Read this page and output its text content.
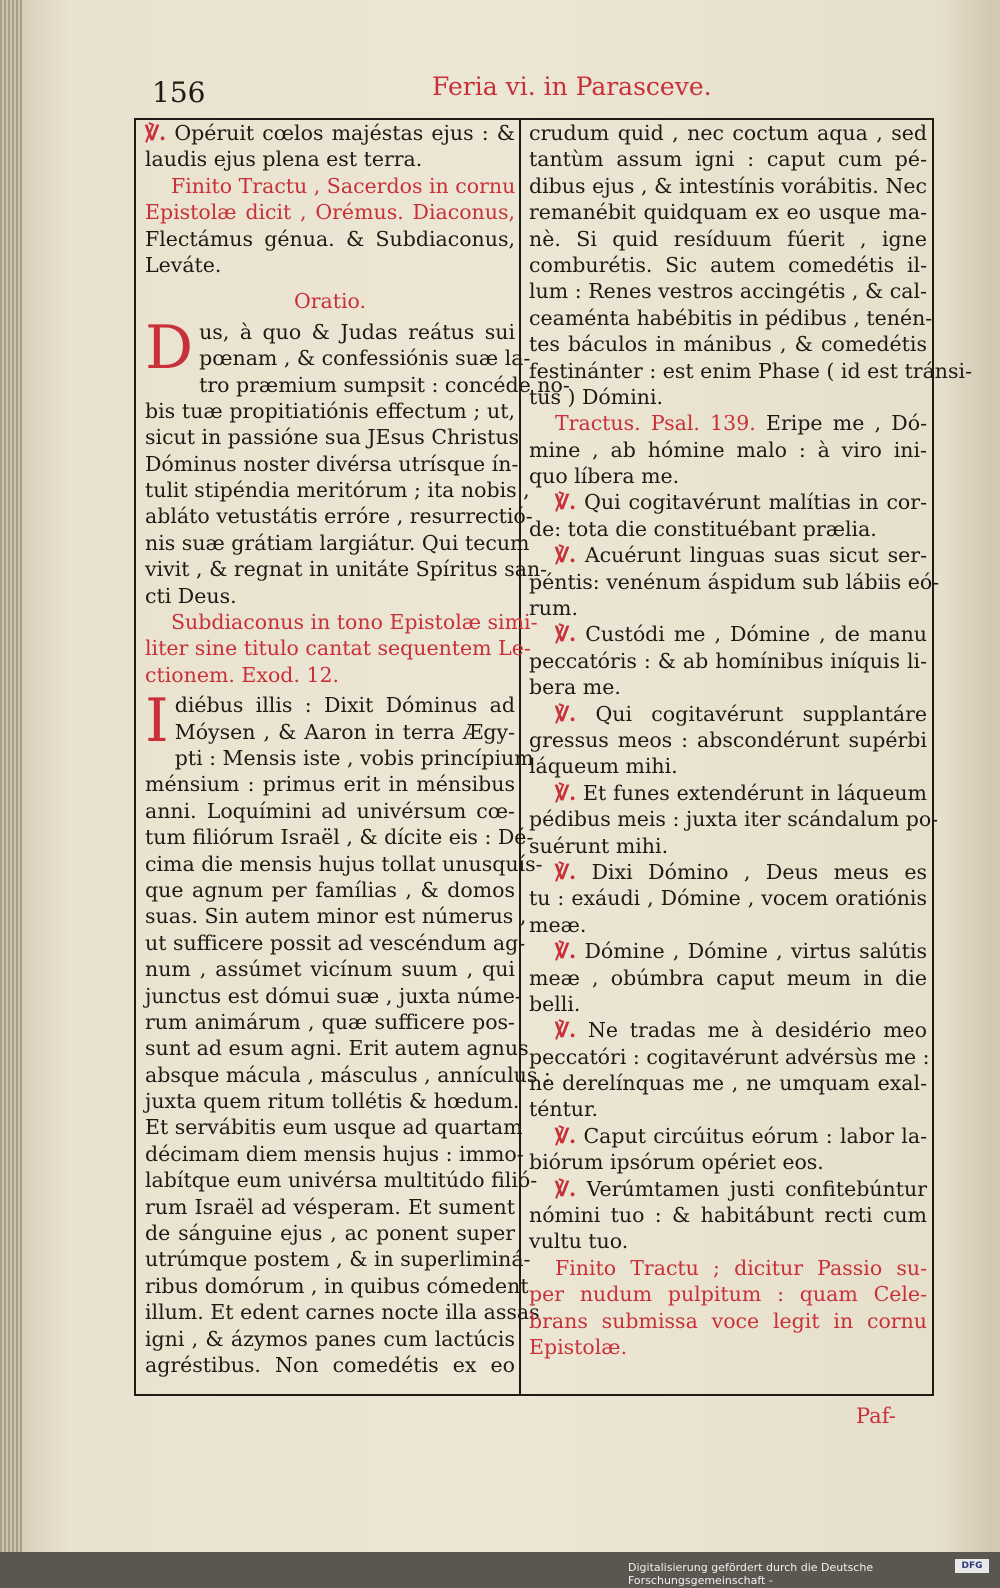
156	Feria vi. in Parasceve.
℣. Opéruit cœlos majéstas ejus : &
laudis ejus plena est terra.
Finito Tractu , Sacerdos in cornu
Epistolæ dicit , Orémus. Diaconus,
Flectámus génua. & Subdiaconus,
Leváte.
Oratio.
D us, à quo & Judas reátus sui
pœnam , & confessiónis suæ la-
tro præmium sumpsit : concéde no-
bis tuæ propitiatiónis effectum ; ut,
sicut in passióne sua JEsus Christus
Dóminus noster divérsa utrísque ín-
tulit stipéndia meritórum ; ita nobis ,
abláto vetustátis erróre , resurrectió-
nis suæ grátiam largiátur. Qui tecum
vivit , & regnat in unitáte Spíritus san-
cti Deus.
Subdiaconus in tono Epistolæ simi-
liter sine titulo cantat sequentem Le-
ctionem. Exod. 12.
I diébus illis : Dixit Dóminus ad
Móysen , & Aaron in terra Ægy-
pti : Mensis iste , vobis princípium
ménsium : primus erit in ménsibus
anni. Loquímini ad univérsum cœ-
tum filiórum Israël , & dícite eis : Dé-
cima die mensis hujus tollat unusquís-
que agnum per famílias , & domos
suas. Sin autem minor est númerus ,
ut sufficere possit ad vescéndum ag-
num , assúmet vicínum suum , qui
junctus est dómui suæ , juxta núme-
rum animárum , quæ sufficere pos-
sunt ad esum agni. Erit autem agnus
absque mácula , másculus , annículus :
juxta quem ritum tollétis & hœdum.
Et servábitis eum usque ad quartam
décimam diem mensis hujus : immo-
labítque eum univérsa multitúdo filió-
rum Israël ad vésperam. Et sument
de sánguine ejus , ac ponent super
utrúmque postem , & in superliminá-
ribus domórum , in quibus cómedent
illum. Et edent carnes nocte illa assas
igni , & ázymos panes cum lactúcis
agréstibus. Non comedétis ex eo
crudum quid , nec coctum aqua , sed
tantùm assum igni : caput cum pé-
dibus ejus , & intestínis vorábitis. Nec
remanébit quidquam ex eo usque ma-
nè. Si quid resíduum fúerit , igne
comburétis. Sic autem comedétis il-
lum : Renes vestros accingétis , & cal-
ceaménta habébitis in pédibus , tenén-
tes báculos in mánibus , & comedétis
festinánter : est enim Phase ( id est tránsi-
tus ) Dómini.
Tractus. Psal. 139. Eripe me , Dó-
mine , ab hómine malo : à viro ini-
quo líbera me.
℣. Qui cogitavérunt malítias in cor-
de: tota die constituébant prælia.
℣. Acuérunt linguas suas sicut ser-
péntis: venénum áspidum sub lábiis eó-
rum.
℣. Custódi me , Dómine , de manu
peccatóris : & ab homínibus iníquis li-
bera me.
℣. Qui cogitavérunt supplantáre
gressus meos : abscondérunt supérbi
láqueum mihi.
℣. Et funes extendérunt in láqueum
pédibus meis : juxta iter scándalum po-
suérunt mihi.
℣. Dixi Dómino , Deus meus es
tu : exáudi , Dómine , vocem oratiónis
meæ.
℣. Dómine , Dómine , virtus salútis
meæ , obúmbra caput meum in die
belli.
℣. Ne tradas me à desidério meo
peccatóri : cogitavérunt advérsùs me :
ne derelínquas me , ne umquam exal-
téntur.
℣. Caput circúitus eórum : labor la-
biórum ipsórum opériet eos.
℣. Verúmtamen justi confitebúntur
nómini tuo : & habitábunt recti cum
vultu tuo.
Finito Tractu ; dicitur Passio su-
per nudum pulpitum : quam Cele-
brans submissa voce legit in cornu
Epistolæ.
Paf-
Digitalisierung gefördert durch die Deutsche Forschungsgemeinschaft -
DFG
